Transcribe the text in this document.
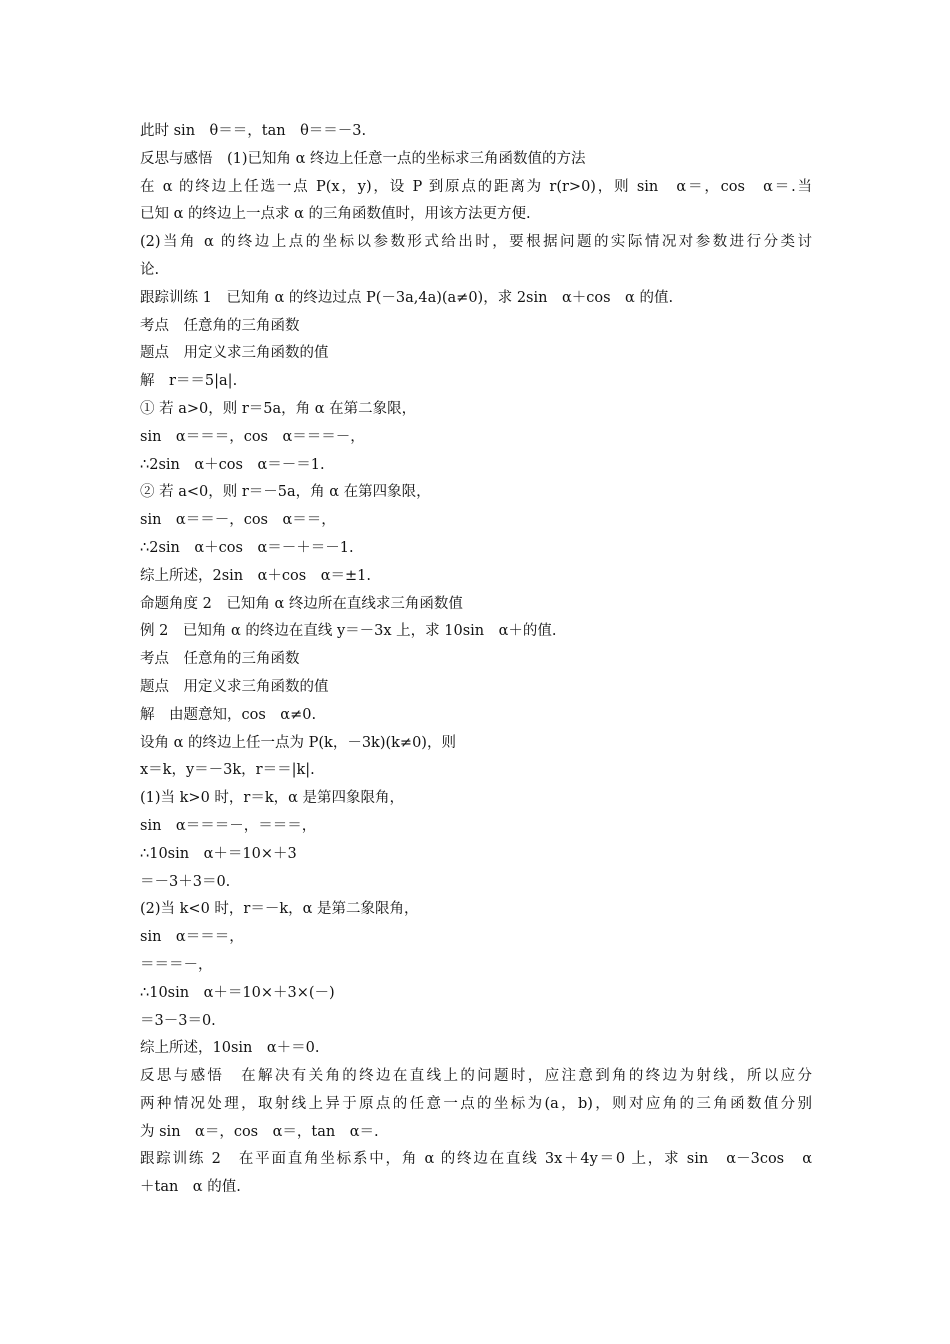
此时 sin　θ＝＝，tan　θ＝＝－3.
反思与感悟　(1)已知角 α 终边上任意一点的坐标求三角函数值的方法
在 α 的终边上任选一点 P(x，y)，设 P 到原点的距离为 r(r>0)，则 sin　α＝，cos　α＝.当
已知 α 的终边上一点求 α 的三角函数值时，用该方法更方便.
(2)当角 α 的终边上点的坐标以参数形式给出时，要根据问题的实际情况对参数进行分类讨
论.
跟踪训练 1　已知角 α 的终边过点 P(－3a,4a)(a≠0)，求 2sin　α＋cos　α 的值.
考点　任意角的三角函数
题点　用定义求三角函数的值
解　r＝＝5|a|.
① 若 a>0，则 r＝5a，角 α 在第二象限，
sin　α＝＝＝，cos　α＝＝＝－，
∴2sin　α＋cos　α＝－＝1.
② 若 a<0，则 r＝－5a，角 α 在第四象限，
sin　α＝＝－，cos　α＝＝，
∴2sin　α＋cos　α＝－＋＝－1.
综上所述，2sin　α＋cos　α＝±1.
命题角度 2　已知角 α 终边所在直线求三角函数值
例 2　已知角 α 的终边在直线 y＝－3x 上，求 10sin　α＋的值.
考点　任意角的三角函数
题点　用定义求三角函数的值
解　由题意知，cos　α≠0.
设角 α 的终边上任一点为 P(k，－3k)(k≠0)，则
x＝k，y＝－3k，r＝＝|k|.
(1)当 k>0 时，r＝k，α 是第四象限角，
sin　α＝＝＝－，＝＝＝，
∴10sin　α＋＝10×＋3
＝－3＋3＝0.
(2)当 k<0 时，r＝－k，α 是第二象限角，
sin　α＝＝＝，
＝＝＝－，
∴10sin　α＋＝10×＋3×(－)
＝3－3＝0.
综上所述，10sin　α＋＝0.
反思与感悟　在解决有关角的终边在直线上的问题时，应注意到角的终边为射线，所以应分
两种情况处理，取射线上异于原点的任意一点的坐标为(a，b)，则对应角的三角函数值分别
为 sin　α＝，cos　α＝，tan　α＝.
跟踪训练 2　在平面直角坐标系中，角 α 的终边在直线 3x＋4y＝0 上，求 sin　α－3cos　α
＋tan　α 的值.
